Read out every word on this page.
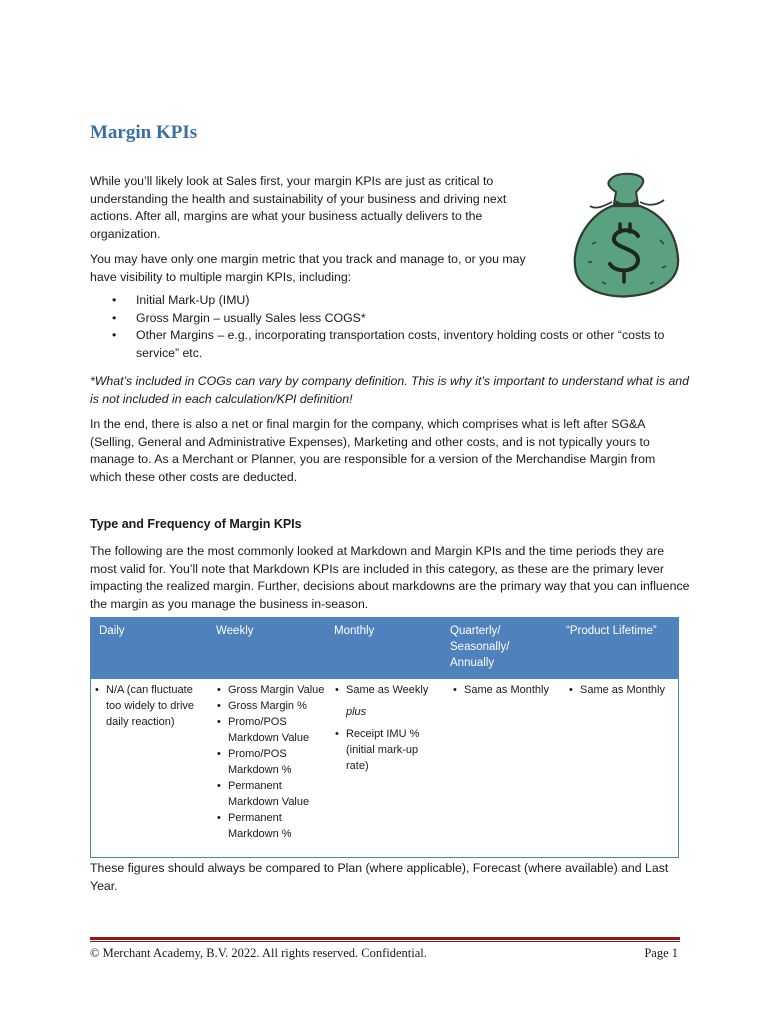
Margin KPIs

While you’ll likely look at Sales first, your margin KPIs are just as critical to understanding the health and sustainability of your business and driving next actions. After all, margins are what your business actually delivers to the organization.

You may have only one margin metric that you track and manage to, or you may have visibility to multiple margin KPIs, including:

• Initial Mark-Up (IMU)
• Gross Margin – usually Sales less COGS*
• Other Margins – e.g., incorporating transportation costs, inventory holding costs or other “costs to service” etc.

*What’s included in COGs can vary by company definition. This is why it’s important to understand what is and is not included in each calculation/KPI definition!

In the end, there is also a net or final margin for the company, which comprises what is left after SG&A (Selling, General and Administrative Expenses), Marketing and other costs, and is not typically yours to manage to. As a Merchant or Planner, you are responsible for a version of the Merchandise Margin from which these other costs are deducted.

Type and Frequency of Margin KPIs

The following are the most commonly looked at Markdown and Margin KPIs and the time periods they are most valid for. You’ll note that Markdown KPIs are included in this category, as these are the primary lever impacting the realized margin. Further, decisions about markdowns are the primary way that you can influence the margin as you manage the business in-season.

Daily	Weekly	Monthly	Quarterly/ Seasonally/ Annually
“Product Lifetime”
• N/A (can fluctuate too widely to drive daily reaction)
• Gross Margin Value
• Gross Margin %
• Promo/POS Markdown Value
• Promo/POS Markdown %
• Permanent Markdown Value
• Permanent Markdown %
• Same as Weekly
plus
• Receipt IMU % (initial mark-up rate)
• Same as Monthly
•	Same as Monthly

These figures should always be compared to Plan (where applicable), Forecast (where available) and Last Year.

© Merchant Academy, B.V. 2022. All rights reserved. Confidential.	Page 1
